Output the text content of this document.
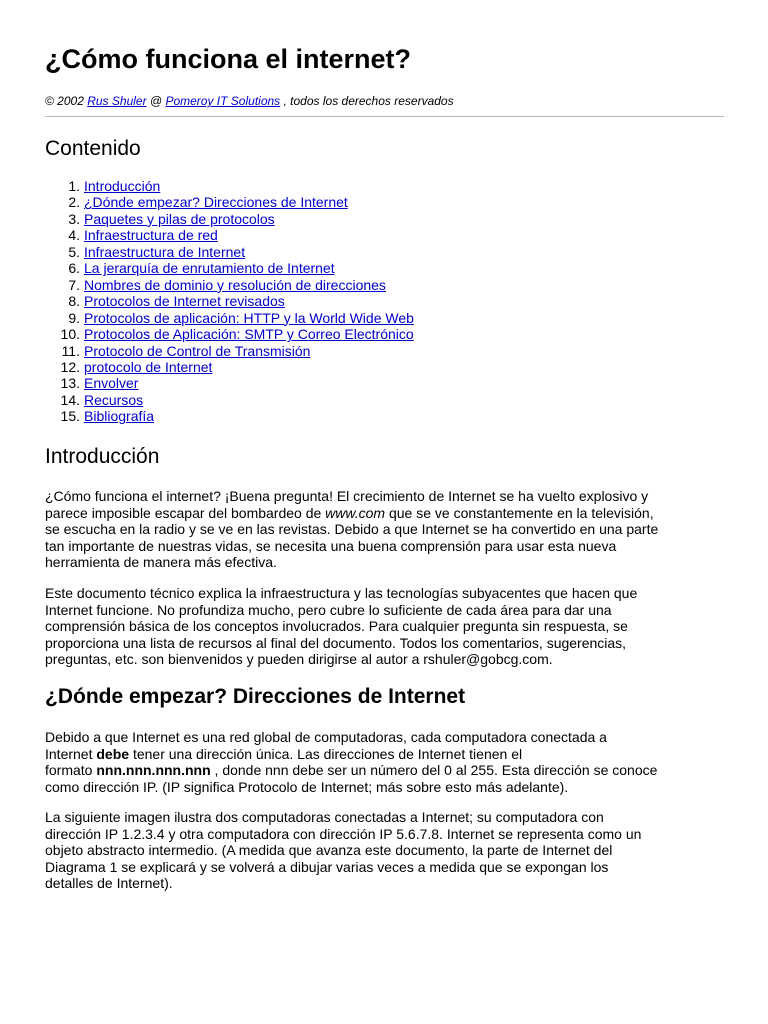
¿Cómo funciona el internet?
© 2002 Rus Shuler @ Pomeroy IT Solutions , todos los derechos reservados
Contenido
1. Introducción
2. ¿Dónde empezar? Direcciones de Internet
3. Paquetes y pilas de protocolos
4. Infraestructura de red
5. Infraestructura de Internet
6. La jerarquía de enrutamiento de Internet
7. Nombres de dominio y resolución de direcciones
8. Protocolos de Internet revisados
9. Protocolos de aplicación: HTTP y la World Wide Web
10. Protocolos de Aplicación: SMTP y Correo Electrónico
11. Protocolo de Control de Transmisión
12. protocolo de Internet
13. Envolver
14. Recursos
15. Bibliografía
Introducción

¿Cómo funciona el internet? ¡Buena pregunta! El crecimiento de Internet se ha vuelto explosivo y
parece imposible escapar del bombardeo de www.com que se ve constantemente en la televisión,
se escucha en la radio y se ve en las revistas. Debido a que Internet se ha convertido en una parte
tan importante de nuestras vidas, se necesita una buena comprensión para usar esta nueva
herramienta de manera más efectiva.

Este documento técnico explica la infraestructura y las tecnologías subyacentes que hacen que
Internet funcione. No profundiza mucho, pero cubre lo suficiente de cada área para dar una
comprensión básica de los conceptos involucrados. Para cualquier pregunta sin respuesta, se
proporciona una lista de recursos al final del documento. Todos los comentarios, sugerencias,
preguntas, etc. son bienvenidos y pueden dirigirse al autor a rshuler@gobcg.com.

¿Dónde empezar? Direcciones de Internet

Debido a que Internet es una red global de computadoras, cada computadora conectada a
Internet debe tener una dirección única. Las direcciones de Internet tienen el
formato nnn.nnn.nnn.nnn , donde nnn debe ser un número del 0 al 255. Esta dirección se conoce
como dirección IP. (IP significa Protocolo de Internet; más sobre esto más adelante).

La siguiente imagen ilustra dos computadoras conectadas a Internet; su computadora con
dirección IP 1.2.3.4 y otra computadora con dirección IP 5.6.7.8. Internet se representa como un
objeto abstracto intermedio. (A medida que avanza este documento, la parte de Internet del
Diagrama 1 se explicará y se volverá a dibujar varias veces a medida que se expongan los
detalles de Internet).
